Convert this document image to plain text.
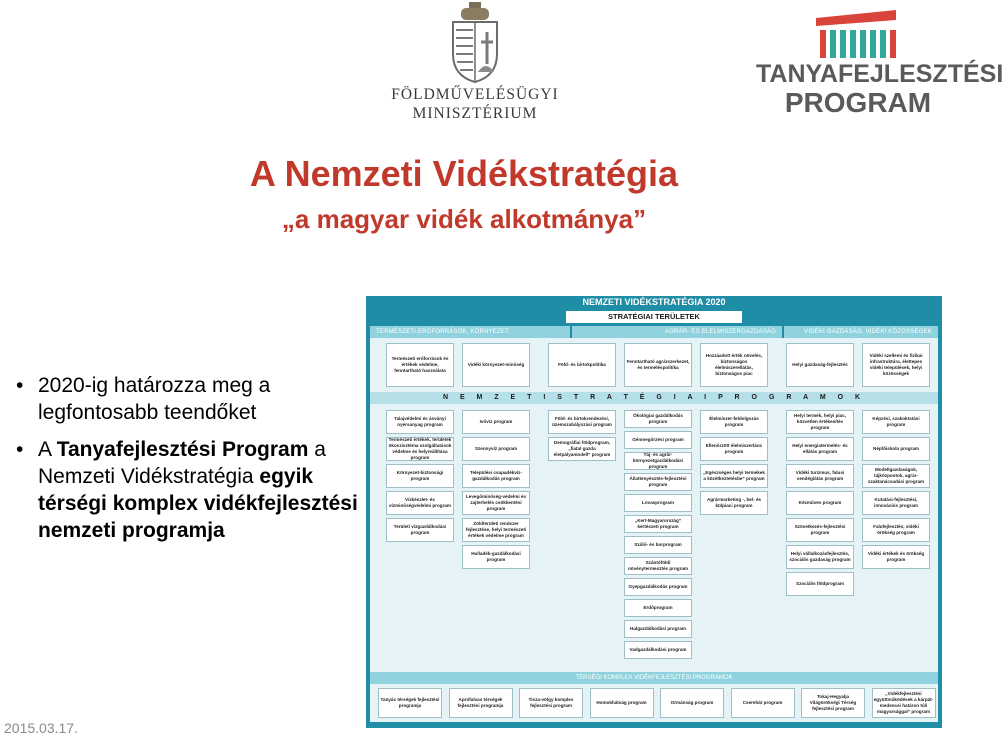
FÖLDMŰVELÉSÜGYI
MINISZTÉRIUM
TANYAFEJLESZTÉSI
PROGRAM
A Nemzeti Vidékstratégia
„a magyar vidék alkotmánya”
• 2020-ig határozza meg a legfontosabb teendőket
• A Tanyafejlesztési Program a Nemzeti Vidékstratégia egyik térségi komplex vidékfejlesztési nemzeti programja
2015.03.17.
NEMZETI VIDÉKSTRATÉGIA 2020
STRATÉGIAI TERÜLETEK
TERMÉSZETI ERŐFORRÁSOK, KÖRNYEZET	AGRÁR- ÉS ÉLELMISZERGAZDASÁG	VIDÉKI GAZDASÁG, VIDÉKI KÖZÖSSÉGEK
N E M Z E T I S T R A T É G I A I P R O G R A M O K
TÉRSÉGI KOMPLEX VIDÉKFEJLESZTÉSI PROGRAMOK
Természeti erőforrások és értékek védelme, fenntartható használata
Vidéki környezet-minőség	Föld- és birtokpolitika
Fenntartható agrárszerkezet, és termeléspolitika
Hozzáadott érték növelés, biztonságos élelmiszerellátás, biztonságos piac
Helyi gazdaság-fejlesztés
Vidéki szellemi és fizikai infrastruktúra, élettepes vidéki települések, helyi közösségek
Talajvédelmi és ásványi nyersanyag program
Természeti értékek, területek ökoszisztéma szolgáltatások védelme és helyreállítása program
Környezet-biztonsági program
Vízkészlet- és vízminőségvédelmi program
Területi vízgazdálkodási program
Ivóvíz program
Szennyvíz program
Települési csapadékvíz-gazdálkodás program
Levegőminőség-védelmi és zajterhelés csökkentési program
Zöldterületi rendszer fejlesztése, helyi természeti értékek védelme program
Hulladék-gazdálkodási program
Föld- és birtokrendezési, üzemszabályozási program
Demográfiai földprogram, „fiatal gazda életpályamodell” program
Ökológiai gazdálkodás program
Génmegőrzési program
Táj- és agrár-környezetgazdálkodási program
Állattenyésztés-fejlesztési program
Lovasprogram
„Kert-Magyarország” kertészeti program
Szőlő- és borprogram
Szántóföldi növénytermesztés program
Gyepgazdálkodás program
Erdőprogram
Halgazdálkodási program
Vadgazdálkodási program
Élelmiszer-feldolgozás program
Ellenőrzött élelmiszerlánc program
„Egészséges helyi termékek a közétkeztetésbe” program
Agrármarketing -, bel- és külpiaci program
Helyi termék, helyi piac, közvetlen értékesítés program
Helyi energiatermelés- és ellátás program
Vidéki turizmus, falusi vendéglátás program
Kézműves program
Szövetkezés-fejlesztési program
Helyi vállalkozásfejlesztés, szociális gazdaság program
Szociális földprogram
Képzési, szakoktatási program
Népfőiskola program
Modellgazdaságok, tájközpontok, agrár-szaktanácsadási program
Kutatási-fejlesztési, innovációs program
Falufejlesztés, vidéki örökség program
Vidéki értékek és örökség program
Tanyás térségek fejlesztési programja
Aprófalvas térségek fejlesztési programja
Tisza-völgy komplex fejlesztési program
Homokhátság program	Ormánság program	Cserehát program
Tokaj-Hegyalja Világörökségi Térség fejlesztési program
„Vidékfejlesztési együttműködések a kárpát-medencei határon túli magyarsággal” program
